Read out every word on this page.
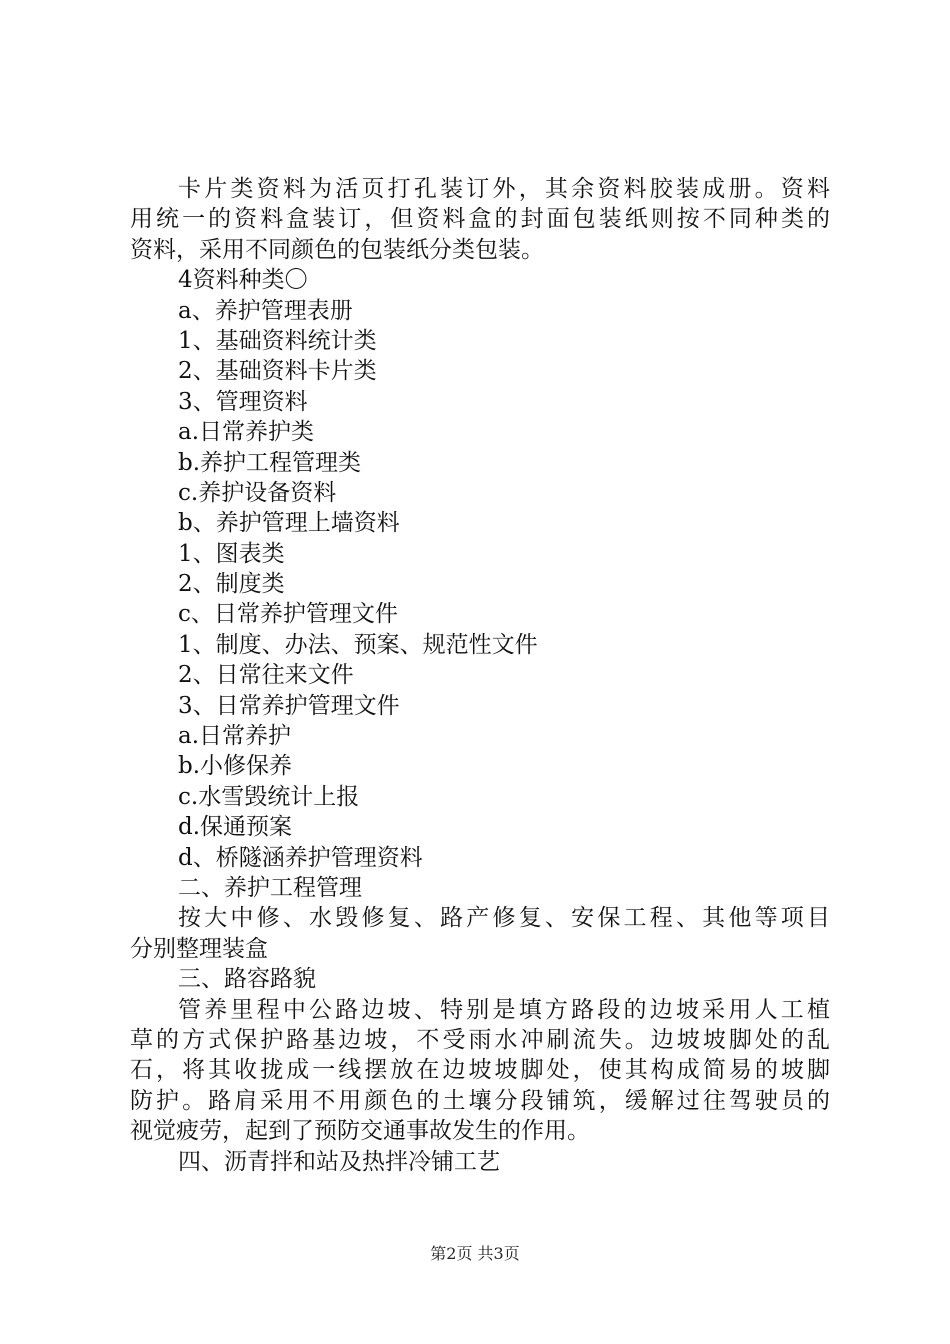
卡片类资料为活页打孔装订外，其余资料胶装成册。资料
用统一的资料盒装订，但资料盒的封面包装纸则按不同种类的
资料，采用不同颜色的包装纸分类包装。
4资料种类〇
a、养护管理表册
1、基础资料统计类
2、基础资料卡片类
3、管理资料
a.日常养护类
b.养护工程管理类
c.养护设备资料
b、养护管理上墙资料
1、图表类
2、制度类
c、日常养护管理文件
1、制度、办法、预案、规范性文件
2、日常往来文件
3、日常养护管理文件
a.日常养护
b.小修保养
c.水雪毁统计上报
d.保通预案
d、桥隧涵养护管理资料
二、养护工程管理
按大中修、水毁修复、路产修复、安保工程、其他等项目
分别整理装盒
三、路容路貌
管养里程中公路边坡、特别是填方路段的边坡采用人工植
草的方式保护路基边坡，不受雨水冲刷流失。边坡坡脚处的乱
石，将其收拢成一线摆放在边坡坡脚处，使其构成简易的坡脚
防护。路肩采用不用颜色的土壤分段铺筑，缓解过往驾驶员的
视觉疲劳，起到了预防交通事故发生的作用。
四、沥青拌和站及热拌冷铺工艺
第2页 共3页
